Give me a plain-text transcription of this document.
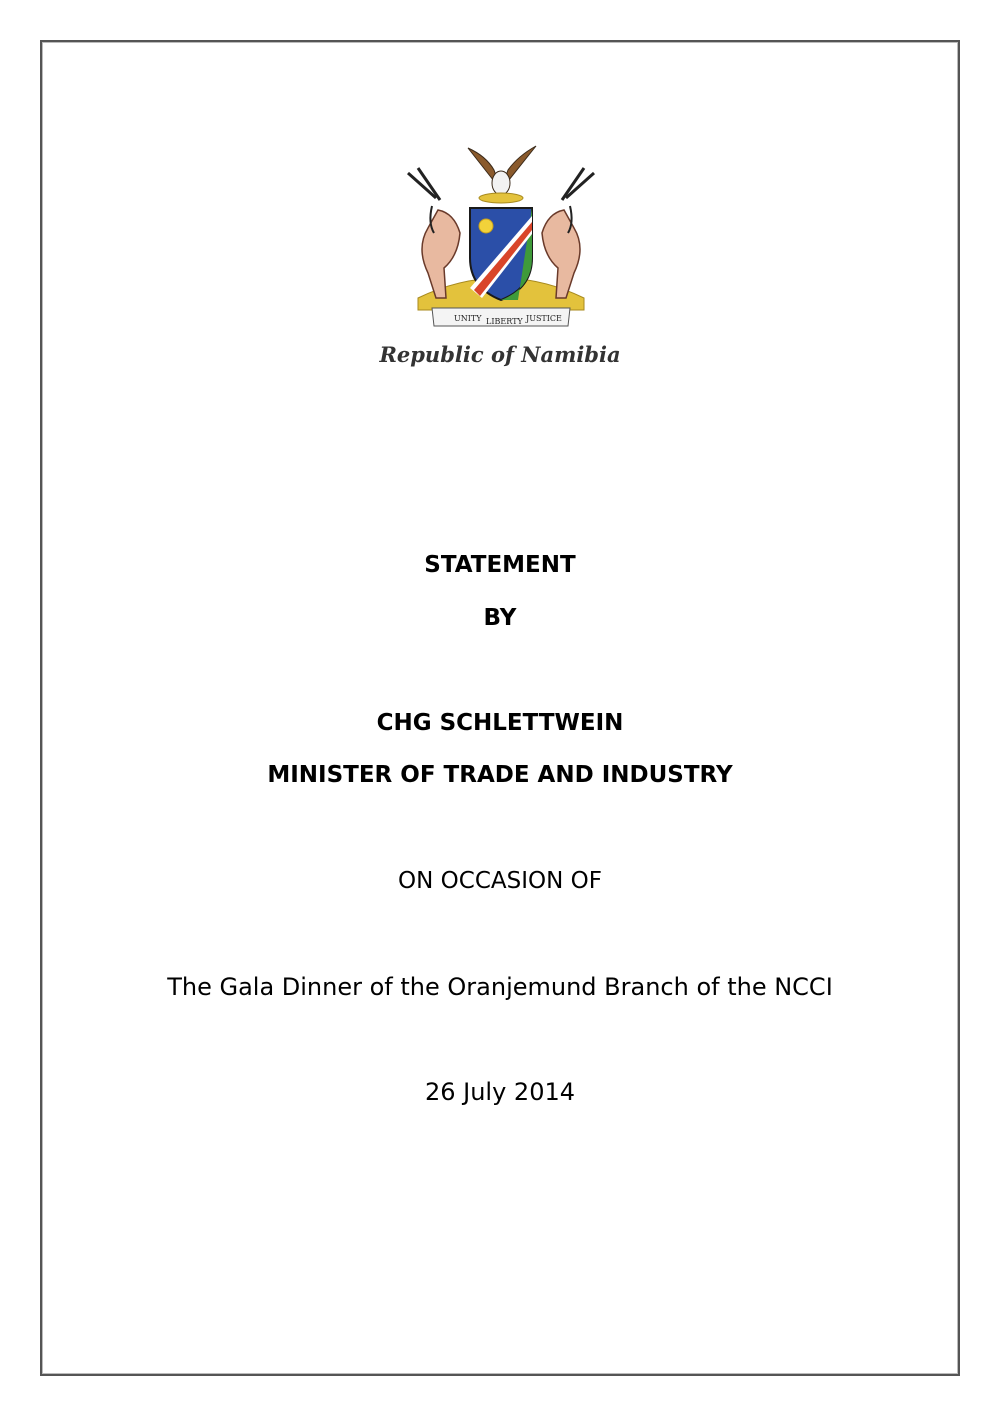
UNITY LIBERTY JUSTICE
Republic of Namibia
STATEMENT
BY
CHG SCHLETTWEIN
MINISTER OF TRADE AND INDUSTRY
ON OCCASION OF
The Gala Dinner of the Oranjemund Branch of the NCCI
26 July 2014
